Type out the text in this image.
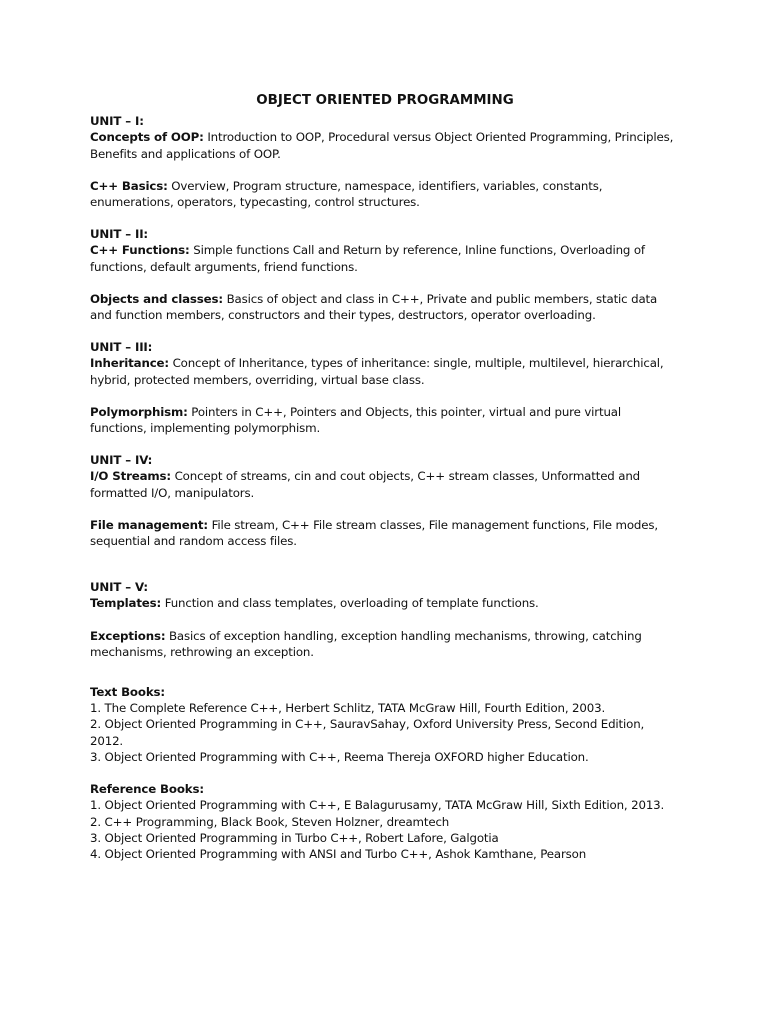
OBJECT ORIENTED PROGRAMMING

UNIT – I:

Concepts of OOP: Introduction to OOP, Procedural versus Object Oriented Programming, Principles, Benefits and applications of OOP.

C++ Basics: Overview, Program structure, namespace, identifiers, variables, constants, enumerations, operators, typecasting, control structures.

UNIT – II:

C++ Functions: Simple functions Call and Return by reference, Inline functions, Overloading of functions, default arguments, friend functions.

Objects and classes: Basics of object and class in C++, Private and public members, static data and function members, constructors and their types, destructors, operator overloading.

UNIT – III:

Inheritance: Concept of Inheritance, types of inheritance: single, multiple, multilevel, hierarchical, hybrid, protected members, overriding, virtual base class.

Polymorphism: Pointers in C++, Pointers and Objects, this pointer, virtual and pure virtual functions, implementing polymorphism.

UNIT – IV:

I/O Streams: Concept of streams, cin and cout objects, C++ stream classes, Unformatted and formatted I/O, manipulators.

File management: File stream, C++ File stream classes, File management functions, File modes, sequential and random access files.

UNIT – V:

Templates: Function and class templates, overloading of template functions.

Exceptions: Basics of exception handling, exception handling mechanisms, throwing, catching mechanisms, rethrowing an exception.

Text Books:

1. The Complete Reference C++, Herbert Schlitz, TATA McGraw Hill, Fourth Edition, 2003.
2. Object Oriented Programming in C++, SauravSahay, Oxford University Press, Second Edition, 2012.
3. Object Oriented Programming with C++, Reema Thereja OXFORD higher Education.

Reference Books:

1. Object Oriented Programming with C++, E Balagurusamy, TATA McGraw Hill, Sixth Edition, 2013.
2. C++ Programming, Black Book, Steven Holzner, dreamtech
3. Object Oriented Programming in Turbo C++, Robert Lafore, Galgotia
4. Object Oriented Programming with ANSI and Turbo C++, Ashok Kamthane, Pearson
